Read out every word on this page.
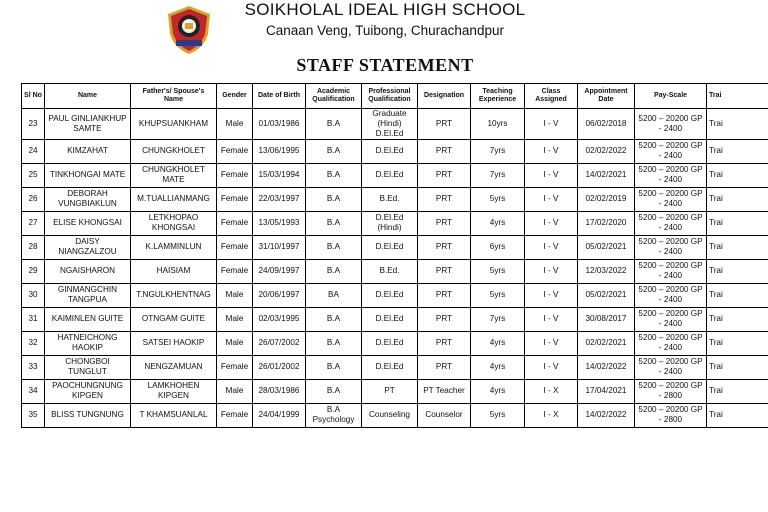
SOIKHOLAL IDEAL HIGH SCHOOL
Canaan Veng, Tuibong, Churachandpur
STAFF STATEMENT
Sl No	Name	Father's/ Spouse's Name	Gender	Date of Birth	Academic Qualification	Professional Qualification	Designation	Teaching Experience	Class Assigned	Appointment Date	Pay-Scale	Trai
23	PAUL GINLIANKHUP SAMTE	KHUPSUANKHAM	Male	01/03/1986	B.A	Graduate (Hindi) D.El.Ed	PRT	10yrs	I - V	06/02/2018	5200 – 20200 GP - 2400	Trai
24	KIMZAHAT	CHUNGKHOLET	Female	13/06/1995	B.A	D.El.Ed	PRT	7yrs	I - V	02/02/2022	5200 – 20200 GP - 2400	Trai
25	TINKHONGAI MATE	CHUNGKHOLET MATE	Female	15/03/1994	B.A	D.El.Ed	PRT	7yrs	I - V	14/02/2021	5200 – 20200 GP - 2400	Trai
26	DEBORAH VUNGBIAKLUN	M.TUALLIANMANG	Female	22/03/1997	B.A	B.Ed.	PRT	5yrs	I - V	02/02/2019	5200 – 20200 GP - 2400	Trai
27	ELISE KHONGSAI	LETKHOPAO KHONGSAI	Female	13/05/1993	B.A	D.El.Ed (Hindi)	PRT	4yrs	I - V	17/02/2020	5200 – 20200 GP - 2400	Trai
28	DAISY NIANGZALZOU	K.LAMMINLUN	Female	31/10/1997	B.A	D.El.Ed	PRT	6yrs	I - V	05/02/2021	5200 – 20200 GP - 2400	Trai
29	NGAISHARON	HAISIAM	Female	24/09/1997	B.A	B.Ed.	PRT	5yrs	I - V	12/03/2022	5200 – 20200 GP - 2400	Trai
30	GINMANGCHIN TANGPUA	T.NGULKHENTNAG	Male	20/06/1997	BA	D.El.Ed	PRT	5yrs	I - V	05/02/2021	5200 – 20200 GP - 2400	Trai
31	KAIMINLEN GUITE	OTNGAM GUITE	Male	02/03/1995	B.A	D.El.Ed	PRT	7yrs	I - V	30/08/2017	5200 – 20200 GP - 2400	Trai
32	HATNEICHONG HAOKIP	SATSEI HAOKIP	Male	26/07/2002	B.A	D.El.Ed	PRT	4yrs	I - V	02/02/2021	5200 – 20200 GP - 2400	Trai
33	CHONGBOI TUNGLUT	NENGZAMUAN	Female	26/01/2002	B.A	D.El.Ed	PRT	4yrs	I - V	14/02/2022	5200 – 20200 GP - 2400	Trai
34	PAOCHUNGNUNG KIPGEN	LAMKHOHEN KIPGEN	Male	28/03/1986	B.A	PT	PT Teacher	4yrs	I - X	17/04/2021	5200 – 20200 GP - 2800	Trai
35	BLISS TUNGNUNG	T KHAMSUANLAL	Female	24/04/1999	B.A Psychology	Counseling	Counselor	5yrs	I - X	14/02/2022	5200 – 20200 GP - 2800	Trai
